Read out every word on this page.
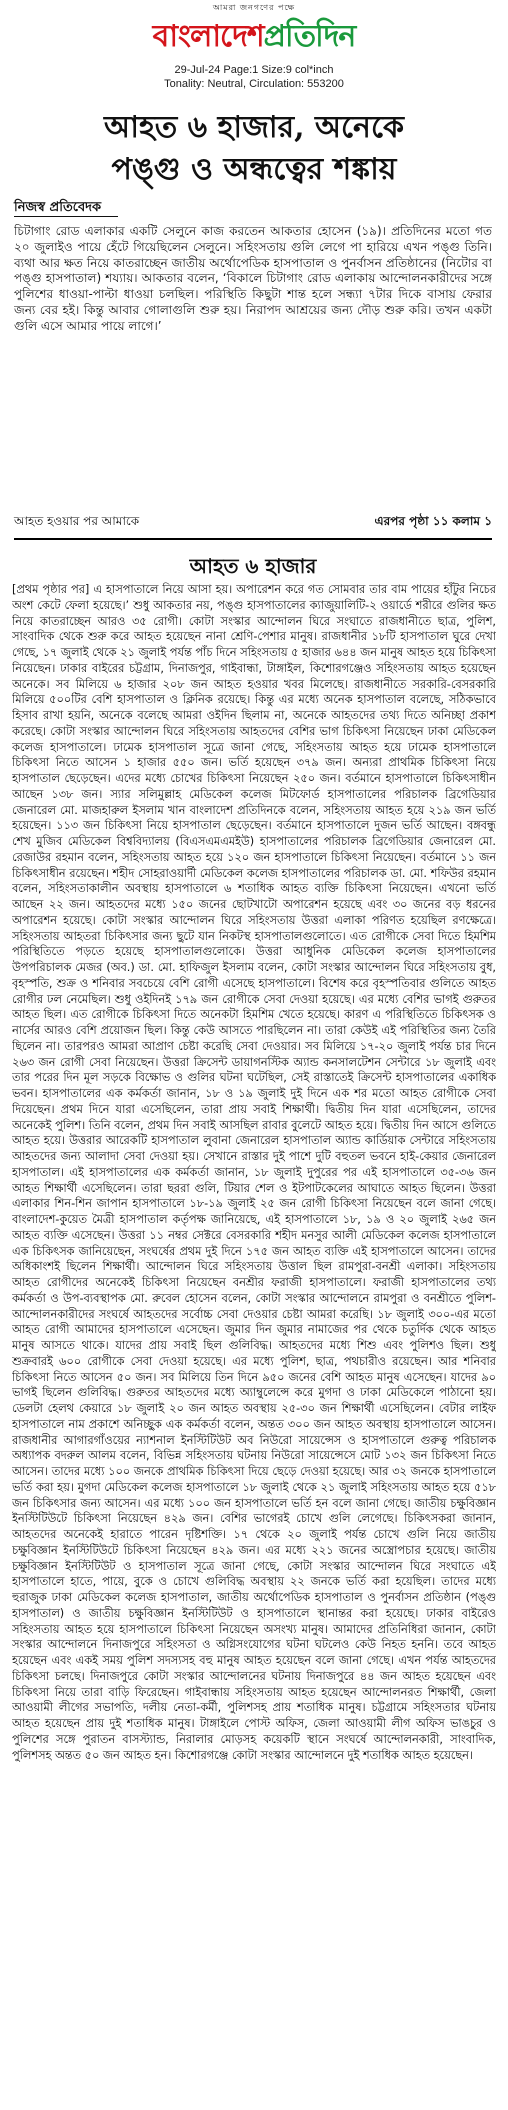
আমরা জনগণের পক্ষে
বাংলাদেশপ্রতিদিন
29-Jul-24 Page:1 Size:9 col*inch
Tonality: Neutral, Circulation: 553200
আহত ৬ হাজার, অনেকে
পঙ্গু ও অন্ধত্বের শঙ্কায়
নিজস্ব প্রতিবেদক
চিটাগাং রোড এলাকার একটি সেলুনে কাজ করতেন আকতার হোসেন (১৯)। প্রতিদিনের মতো গত ২০ জুলাইও পায়ে হেঁটে গিয়েছিলেন সেলুনে। সহিংসতায় গুলি লেগে পা হারিয়ে এখন পঙ্গু তিনি। ব্যথা আর ক্ষত নিয়ে কাতরাচ্ছেন জাতীয় অর্থোপেডিক হাসপাতাল ও পুনর্বাসন প্রতিষ্ঠানের (নিটোর বা পঙ্গু হাসপাতাল) শয্যায়। আকতার বলেন, ‘বিকালে চিটাগাং রোড এলাকায় আন্দোলনকারীদের সঙ্গে পুলিশের ধাওয়া-পাল্টা ধাওয়া চলছিল। পরিস্থিতি কিছুটা শান্ত হলে সন্ধ্যা ৭টার দিকে বাসায় ফেরার জন্য বের হই। কিন্তু আবার গোলাগুলি শুরু হয়। নিরাপদ আশ্রয়ের জন্য দৌড় শুরু করি। তখন একটা গুলি এসে আমার পায়ে লাগে।’
আহত হওয়ার পর আমাকে	এরপর পৃষ্ঠা ১১ কলাম ১
আহত ৬ হাজার
[প্রথম পৃষ্ঠার পর] এ হাসপাতালে নিয়ে আসা হয়। অপারেশন করে গত সোমবার তার বাম পায়ের হাঁটুর নিচের অংশ কেটে ফেলা হয়েছে।’ শুধু আকতার নয়, পঙ্গু হাসপাতালের ক্যাজুয়ালিটি-২ ওয়ার্ডে শরীরে গুলির ক্ষত নিয়ে কাতরাচ্ছেন আরও ৩৫ রোগী। কোটা সংস্কার আন্দোলন ঘিরে সংঘাতে রাজধানীতে ছাত্র, পুলিশ, সাংবাদিক থেকে শুরু করে আহত হয়েছেন নানা শ্রেণি-পেশার মানুষ। রাজধানীর ১৮টি হাসপাতাল ঘুরে দেখা গেছে, ১৭ জুলাই থেকে ২১ জুলাই পর্যন্ত পাঁচ দিনে সহিংসতায় ৫ হাজার ৬৪৪ জন মানুষ আহত হয়ে চিকিৎসা নিয়েছেন। ঢাকার বাইরের চট্টগ্রাম, দিনাজপুর, গাইবান্ধা, টাঙ্গাইল, কিশোরগঞ্জেও সহিংসতায় আহত হয়েছেন অনেকে। সব মিলিয়ে ৬ হাজার ২০৮ জন আহত হওয়ার খবর মিলেছে। রাজধানীতে সরকারি-বেসরকারি মিলিয়ে ৫০০টির বেশি হাসপাতাল ও ক্লিনিক রয়েছে। কিন্তু এর মধ্যে অনেক হাসপাতাল বলেছে, সঠিকভাবে হিসাব রাখা হয়নি, অনেকে বলেছে আমরা ওইদিন ছিলাম না, অনেকে আহতদের তথ্য দিতে অনিচ্ছা প্রকাশ করেছে। কোটা সংস্কার আন্দোলন ঘিরে সহিংসতায় আহতদের বেশির ভাগ চিকিৎসা নিয়েছেন ঢাকা মেডিকেল কলেজ হাসপাতালে। ঢামেক হাসপাতাল সূত্রে জানা গেছে, সহিংসতায় আহত হয়ে ঢামেক হাসপাতালে চিকিৎসা নিতে আসেন ১ হাজার ৫৫০ জন। ভর্তি হয়েছেন ৩৭৯ জন। অন্যরা প্রাথমিক চিকিৎসা নিয়ে হাসপাতাল ছেড়েছেন। এদের মধ্যে চোখের চিকিৎসা নিয়েছেন ২৫০ জন। বর্তমানে হাসপাতালে চিকিৎসাধীন আছেন ১৩৮ জন। স্যার সলিমুল্লাহ মেডিকেল কলেজ মিটফোর্ড হাসপাতালের পরিচালক ব্রিগেডিয়ার জেনারেল মো. মাজহারুল ইসলাম খান বাংলাদেশ প্রতিদিনকে বলেন, সহিংসতায় আহত হয়ে ২১৯ জন ভর্তি হয়েছেন। ১১৩ জন চিকিৎসা নিয়ে হাসপাতাল ছেড়েছেন। বর্তমানে হাসপাতালে দুজন ভর্তি আছেন। বঙ্গবন্ধু শেখ মুজিব মেডিকেল বিশ্ববিদ্যালয় (বিএসএমএমইউ) হাসপাতালের পরিচালক ব্রিগেডিয়ার জেনারেল মো. রেজাউর রহমান বলেন, সহিংসতায় আহত হয়ে ১২০ জন হাসপাতালে চিকিৎসা নিয়েছেন। বর্তমানে ১১ জন চিকিৎসাধীন রয়েছেন। শহীদ সোহরাওয়ার্দী মেডিকেল কলেজ হাসপাতালের পরিচালক ডা. মো. শফিউর রহমান বলেন, সহিংসতাকালীন অবস্থায় হাসপাতালে ৬ শতাধিক আহত ব্যক্তি চিকিৎসা নিয়েছেন। এখনো ভর্তি আছেন ২২ জন। আহতদের মধ্যে ১৫০ জনের ছোটখাটো অপারেশন হয়েছে এবং ৩০ জনের বড় ধরনের অপারেশন হয়েছে। কোটা সংস্কার আন্দোলন ঘিরে সহিংসতায় উত্তরা এলাকা পরিণত হয়েছিল রণক্ষেত্রে। সহিংসতায় আহতরা চিকিৎসার জন্য ছুটে যান নিকটস্থ হাসপাতালগুলোতে। এত রোগীকে সেবা দিতে হিমশিম পরিস্থিতিতে পড়তে হয়েছে হাসপাতালগুলোকে। উত্তরা আধুনিক মেডিকেল কলেজ হাসপাতালের উপপরিচালক মেজর (অব.) ডা. মো. হাফিজুল ইসলাম বলেন, কোটা সংস্কার আন্দোলন ঘিরে সহিংসতায় বুধ, বৃহস্পতি, শুক্র ও শনিবার সবচেয়ে বেশি রোগী এসেছে হাসপাতালে। বিশেষ করে বৃহস্পতিবার গুলিতে আহত রোগীর ঢল নেমেছিল। শুধু ওইদিনই ১৭৯ জন রোগীকে সেবা দেওয়া হয়েছে। এর মধ্যে বেশির ভাগই গুরুতর আহত ছিল। এত রোগীকে চিকিৎসা দিতে অনেকটা হিমশিম খেতে হয়েছে। কারণ এ পরিস্থিতিতে চিকিৎসক ও নার্সের আরও বেশি প্রয়োজন ছিল। কিন্তু কেউ আসতে পারছিলেন না। তারা কেউই এই পরিস্থিতির জন্য তৈরি ছিলেন না। তারপরও আমরা আপ্রাণ চেষ্টা করেছি সেবা দেওয়ার। সব মিলিয়ে ১৭-২০ জুলাই পর্যন্ত চার দিনে ২৬৩ জন রোগী সেবা নিয়েছেন। উত্তরা ক্রিসেন্ট ডায়াগনস্টিক অ্যান্ড কনসালটেশন সেন্টারে ১৮ জুলাই এবং তার পরের দিন মূল সড়কে বিক্ষোভ ও গুলির ঘটনা ঘটেছিল, সেই রাস্তাতেই ক্রিসেন্ট হাসপাতালের একাধিক ভবন। হাসপাতালের এক কর্মকর্তা জানান, ১৮ ও ১৯ জুলাই দুই দিনে এক শর মতো আহত রোগীকে সেবা দিয়েছেন। প্রথম দিনে যারা এসেছিলেন, তারা প্রায় সবাই শিক্ষার্থী। দ্বিতীয় দিন যারা এসেছিলেন, তাদের অনেকেই পুলিশ। তিনি বলেন, প্রথম দিন সবাই আসছিল রাবার বুলেটে আহত হয়ে। দ্বিতীয় দিন আসে গুলিতে আহত হয়ে। উত্তরার আরেকটি হাসপাতাল লুবানা জেনারেল হাসপাতাল অ্যান্ড কার্ডিয়াক সেন্টারে সহিংসতায় আহতদের জন্য আলাদা সেবা দেওয়া হয়। সেখানে রাস্তার দুই পাশে দুটি বহুতল ভবনে হাই-কেয়ার জেনারেল হাসপাতাল। এই হাসপাতালের এক কর্মকর্তা জানান, ১৮ জুলাই দুপুরের পর এই হাসপাতালে ৩৫-৩৬ জন আহত শিক্ষার্থী এসেছিলেন। তারা ছররা গুলি, টিয়ার শেল ও ইটপাটকেলের আঘাতে আহত ছিলেন। উত্তরা এলাকার শিন-শিন জাপান হাসপাতালে ১৮-১৯ জুলাই ২৫ জন রোগী চিকিৎসা নিয়েছেন বলে জানা গেছে। বাংলাদেশ-কুয়েত মৈত্রী হাসপাতাল কর্তৃপক্ষ জানিয়েছে, এই হাসপাতালে ১৮, ১৯ ও ২০ জুলাই ২৬৫ জন আহত ব্যক্তি এসেছেন। উত্তরা ১১ নম্বর সেক্টরে বেসরকারি শহীদ মনসুর আলী মেডিকেল কলেজ হাসপাতালে এক চিকিৎসক জানিয়েছেন, সংঘর্ষের প্রথম দুই দিনে ১৭৫ জন আহত ব্যক্তি এই হাসপাতালে আসেন। তাদের অধিকাংশই ছিলেন শিক্ষার্থী। আন্দোলন ঘিরে সহিংসতায় উত্তাল ছিল রামপুরা-বনশ্রী এলাকা। সহিংসতায় আহত রোগীদের অনেকেই চিকিৎসা নিয়েছেন বনশ্রীর ফরাজী হাসপাতালে। ফরাজী হাসপাতালের তথ্য কর্মকর্তা ও উপ-ব্যবস্থাপক মো. রুবেল হোসেন বলেন, কোটা সংস্কার আন্দোলনে রামপুরা ও বনশ্রীতে পুলিশ-আন্দোলনকারীদের সংঘর্ষে আহতদের সর্বোচ্চ সেবা দেওয়ার চেষ্টা আমরা করেছি। ১৮ জুলাই ৩০০-এর মতো আহত রোগী আমাদের হাসপাতালে এসেছেন। জুমার দিন জুমার নামাজের পর থেকে চতুর্দিক থেকে আহত মানুষ আসতে থাকে। যাদের প্রায় সবাই ছিল গুলিবিদ্ধ। আহতদের মধ্যে শিশু এবং পুলিশও ছিল। শুধু শুক্রবারই ৬০০ রোগীকে সেবা দেওয়া হয়েছে। এর মধ্যে পুলিশ, ছাত্র, পথচারীও রয়েছেন। আর শনিবার চিকিৎসা নিতে আসেন ৫০ জন। সব মিলিয়ে তিন দিনে ৯৫০ জনের বেশি আহত মানুষ এসেছেন। যাদের ৯০ ভাগই ছিলেন গুলিবিদ্ধ। গুরুতর আহতদের মধ্যে অ্যাম্বুলেন্সে করে মুগদা ও ঢাকা মেডিকেলে পাঠানো হয়। ডেলটা হেলথ কেয়ারে ১৮ জুলাই ২০ জন আহত অবস্থায় ২৫-৩০ জন শিক্ষার্থী এসেছিলেন। বেটার লাইফ হাসপাতালে নাম প্রকাশে অনিচ্ছুক এক কর্মকর্তা বলেন, অন্তত ৩০০ জন আহত অবস্থায় হাসপাতালে আসেন। রাজধানীর আগারগাঁওয়ের ন্যাশনাল ইনস্টিটিউট অব নিউরো সায়েন্সেস ও হাসপাতালে গুরুত্ব পরিচালক অধ্যাপক বদরুল আলম বলেন, বিভিন্ন সহিংসতায় ঘটনায় নিউরো সায়েন্সেসে মোট ১৩২ জন চিকিৎসা নিতে আসেন। তাদের মধ্যে ১০০ জনকে প্রাথমিক চিকিৎসা দিয়ে ছেড়ে দেওয়া হয়েছে। আর ৩২ জনকে হাসপাতালে ভর্তি করা হয়। মুগদা মেডিকেল কলেজ হাসপাতালে ১৮ জুলাই থেকে ২১ জুলাই সহিংসতায় আহত হয়ে ৫১৮ জন চিকিৎসার জন্য আসেন। এর মধ্যে ১০০ জন হাসপাতালে ভর্তি হন বলে জানা গেছে। জাতীয় চক্ষুবিজ্ঞান ইনস্টিটিউটে চিকিৎসা নিয়েছেন ৪২৯ জন। বেশির ভাগেরই চোখে গুলি লেগেছে। চিকিৎসকরা জানান, আহতদের অনেকেই হারাতে পারেন দৃষ্টিশক্তি। ১৭ থেকে ২০ জুলাই পর্যন্ত চোখে গুলি নিয়ে জাতীয় চক্ষুবিজ্ঞান ইনস্টিটিউটে চিকিৎসা নিয়েছেন ৪২৯ জন। এর মধ্যে ২২১ জনের অস্ত্রোপচার হয়েছে। জাতীয় চক্ষুবিজ্ঞান ইনস্টিটিউট ও হাসপাতাল সূত্রে জানা গেছে, কোটা সংস্কার আন্দোলন ঘিরে সংঘাতে এই হাসপাতালে হাতে, পায়ে, বুকে ও চোখে গুলিবিদ্ধ অবস্থায় ২২ জনকে ভর্তি করা হয়েছিল। তাদের মধ্যে হুরাজুক ঢাকা মেডিকেল কলেজ হাসপাতাল, জাতীয় অর্থোপেডিক হাসপাতাল ও পুনর্বাসন প্রতিষ্ঠান (পঙ্গু হাসপাতাল) ও জাতীয় চক্ষুবিজ্ঞান ইনস্টিটিউট ও হাসপাতালে স্থানান্তর করা হয়েছে। ঢাকার বাইরেও সহিংসতায় আহত হয়ে হাসপাতালে চিকিৎসা নিয়েছেন অসংখ্য মানুষ। আমাদের প্রতিনিধিরা জানান, কোটা সংস্কার আন্দোলনে দিনাজপুরে সহিংসতা ও অগ্নিসংযোগের ঘটনা ঘটলেও কেউ নিহত হননি। তবে আহত হয়েছেন এবং একই সময় পুলিশ সদস্যসহ বহু মানুষ আহত হয়েছেন বলে জানা গেছে। এখন পর্যন্ত আহতদের চিকিৎসা চলছে। দিনাজপুরে কোটা সংস্কার আন্দোলনের ঘটনায় দিনাজপুরে ৪৪ জন আহত হয়েছেন এবং চিকিৎসা নিয়ে তারা বাড়ি ফিরেছেন। গাইবান্ধায় সহিংসতায় আহত হয়েছেন আন্দোলনরত শিক্ষার্থী, জেলা আওয়ামী লীগের সভাপতি, দলীয় নেতা-কর্মী, পুলিশসহ প্রায় শতাধিক মানুষ। চট্টগ্রামে সহিংসতার ঘটনায় আহত হয়েছেন প্রায় দুই শতাধিক মানুষ। টাঙ্গাইলে পোস্ট অফিস, জেলা আওয়ামী লীগ অফিস ভাঙচুর ও পুলিশের সঙ্গে পুরাতন বাসস্ট্যান্ড, নিরালার মোড়সহ কয়েকটি স্থানে সংঘর্ষে আন্দোলনকারী, সাংবাদিক, পুলিশসহ অন্তত ৫০ জন আহত হন। কিশোরগঞ্জে কোটা সংস্কার আন্দোলনে দুই শতাধিক আহত হয়েছেন।
